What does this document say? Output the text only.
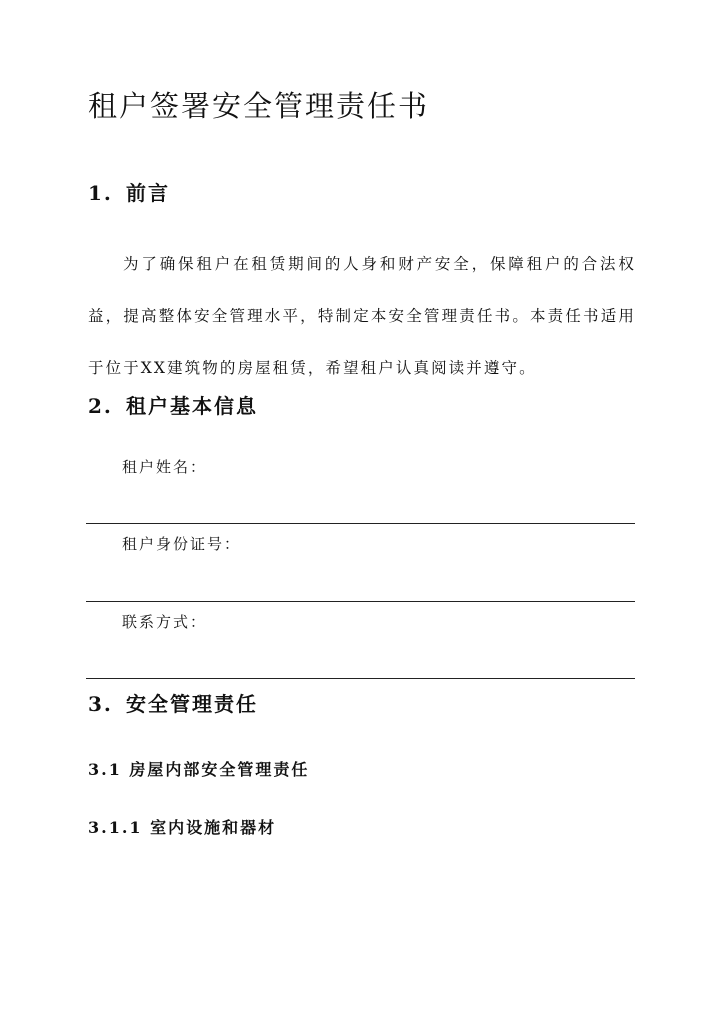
租户签署安全管理责任书
1. 前言

为了确保租户在租赁期间的人身和财产安全，保障租户的合法权益，提高整体安全管理水平，特制定本安全管理责任书。本责任书适用于位于XX建筑物的房屋租赁，希望租户认真阅读并遵守。

2. 租户基本信息
租户姓名：
租户身份证号：
联系方式：
3. 安全管理责任
3.1 房屋内部安全管理责任
3.1.1 室内设施和器材
